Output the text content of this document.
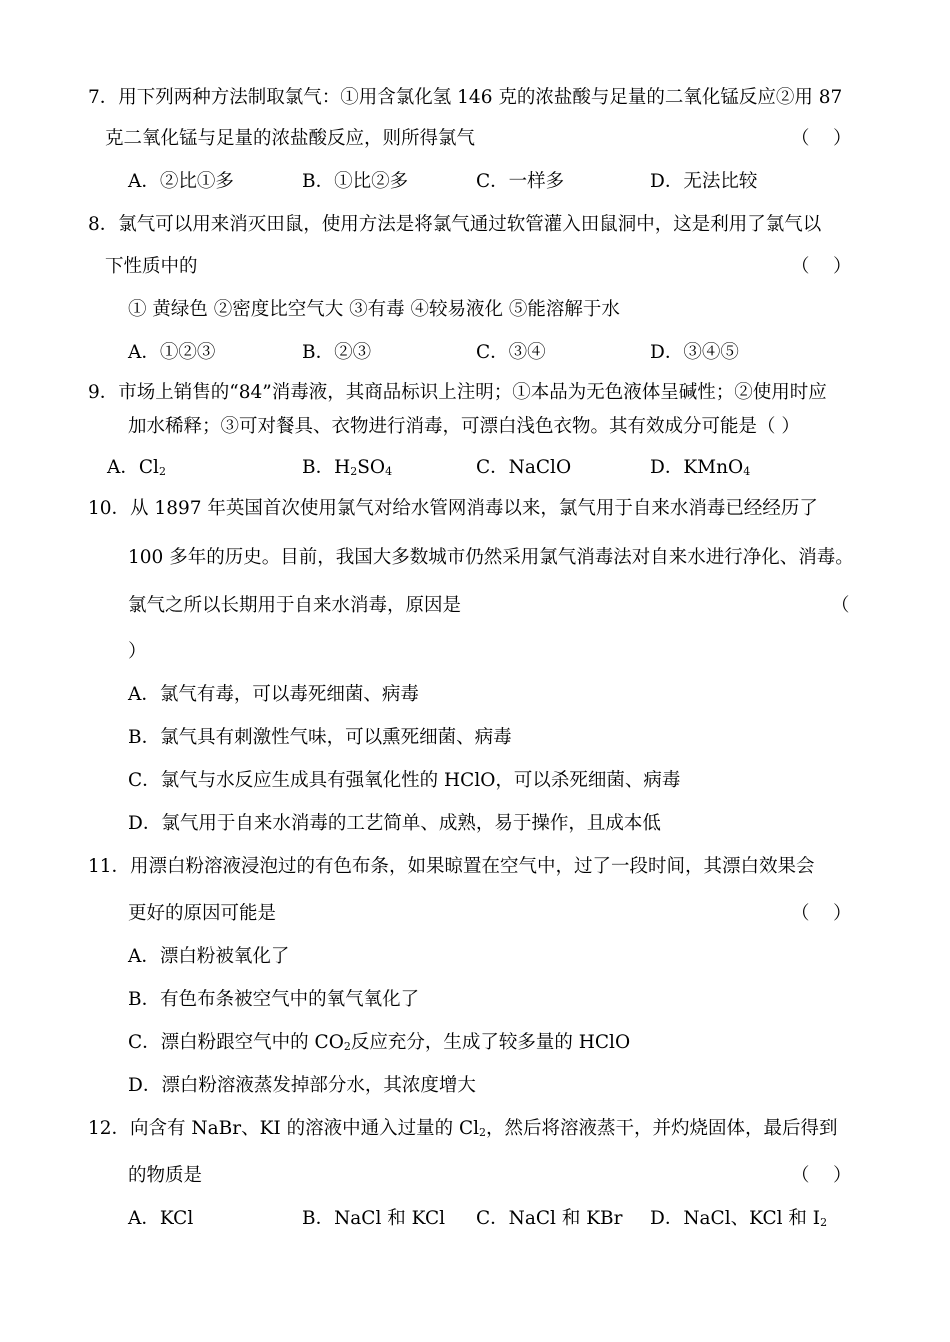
7．用下列两种方法制取氯气：①用含氯化氢 146 克的浓盐酸与足量的二氧化锰反应②用 87
克二氧化锰与足量的浓盐酸反应，则所得氯气	（    ）
A．②比①多	B．①比②多	C．一样多	D．无法比较
8．氯气可以用来消灭田鼠，使用方法是将氯气通过软管灌入田鼠洞中，这是利用了氯气以
下性质中的	（    ）
① 黄绿色 ②密度比空气大 ③有毒 ④较易液化 ⑤能溶解于水
A．①②③	B．②③	C．③④	D．③④⑤
9．市场上销售的“84”消毒液，其商品标识上注明；①本品为无色液体呈碱性；②使用时应
加水稀释；③可对餐具、衣物进行消毒，可漂白浅色衣物。其有效成分可能是（ ）
A．$Cl_2$	B．$H_2SO_4$	C．NaClO	D．KMnO$_4$
10．从 1897 年英国首次使用氯气对给水管网消毒以来，氯气用于自来水消毒已经经历了
100 多年的历史。目前，我国大多数城市仍然采用氯气消毒法对自来水进行净化、消毒。
氯气之所以长期用于自来水消毒，原因是	（
）
A．氯气有毒，可以毒死细菌、病毒
B．氯气具有刺激性气味，可以熏死细菌、病毒
C．氯气与水反应生成具有强氧化性的 HClO，可以杀死细菌、病毒
D．氯气用于自来水消毒的工艺简单、成熟，易于操作，且成本低
11．用漂白粉溶液浸泡过的有色布条，如果晾置在空气中，过了一段时间，其漂白效果会
更好的原因可能是	（    ）
A．漂白粉被氧化了
B．有色布条被空气中的氧气氧化了
C．漂白粉跟空气中的 $CO_2$反应充分，生成了较多量的 HClO
D．漂白粉溶液蒸发掉部分水，其浓度增大
12．向含有 NaBr、KI 的溶液中通入过量的 $Cl_2$，然后将溶液蒸干，并灼烧固体，最后得到
的物质是	（    ）
A．KCl	B．NaCl 和 KCl C．NaCl 和 KBr D．NaCl、KCl 和 $I_2$
